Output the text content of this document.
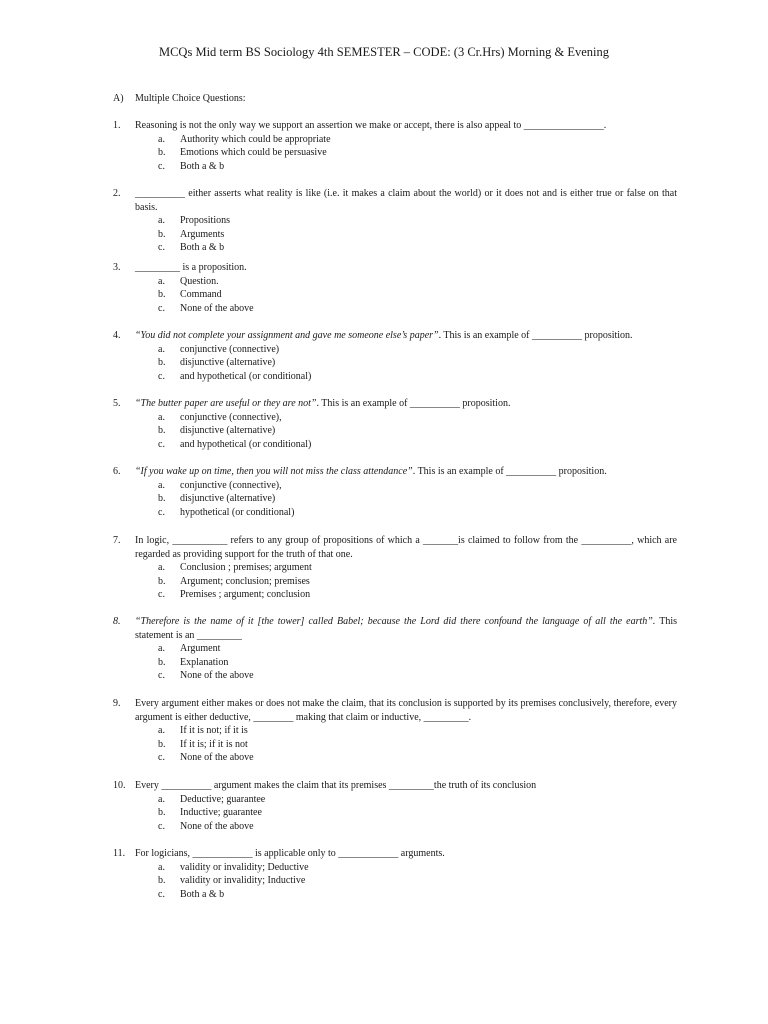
MCQs Mid term BS Sociology 4th SEMESTER – CODE: (3 Cr.Hrs) Morning & Evening
A) Multiple Choice Questions:
1.	Reasoning is not the only way we support an assertion we make or accept, there is also appeal to ________________.
a.	Authority which could be appropriate
b.	Emotions which could be persuasive
c.	Both a & b
2.	__________ either asserts what reality is like (i.e. it makes a claim about the world) or it does not and is either true or false on that basis.
a.	Propositions
b.	Arguments
c.	Both a & b
3.	_________ is a proposition.
a.	Question.
b.	Command
c.	None of the above
4.	“You did not complete your assignment and gave me someone else’s paper”. This is an example of __________ proposition.
a.	conjunctive (connective)
b.	disjunctive (alternative)
c.	and hypothetical (or conditional)
5.	“The butter paper are useful or they are not”. This is an example of __________ proposition.
a.	conjunctive (connective),
b.	disjunctive (alternative)
c.	and hypothetical (or conditional)
6.	“If you wake up on time, then you will not miss the class attendance”. This is an example of __________ proposition.
a.	conjunctive (connective),
b.	disjunctive (alternative)
c.	hypothetical (or conditional)
7.	In logic, ___________ refers to any group of propositions of which a _______is claimed to follow from the __________, which are regarded as providing support for the truth of that one.
a.	Conclusion ; premises; argument
b.	Argument; conclusion; premises
c.	Premises ; argument; conclusion
8.	“Therefore is the name of it [the tower] called Babel; because the Lord did there confound the language of all the earth”. This statement is an _________
a.	Argument
b.	Explanation
c.	None of the above
9.	Every argument either makes or does not make the claim, that its conclusion is supported by its premises conclusively, therefore, every argument is either deductive, ________ making that claim or inductive, _________.
a.	If it is not; if it is
b.	If it is; if it is not
c.	None of the above
10. Every __________ argument makes the claim that its premises _________the truth of its conclusion
a.	Deductive; guarantee
b.	Inductive; guarantee
c.	None of the above
11. For logicians, ____________ is applicable only to ____________ arguments.
a.	validity or invalidity; Deductive
b.	validity or invalidity; Inductive
c.	Both a & b
